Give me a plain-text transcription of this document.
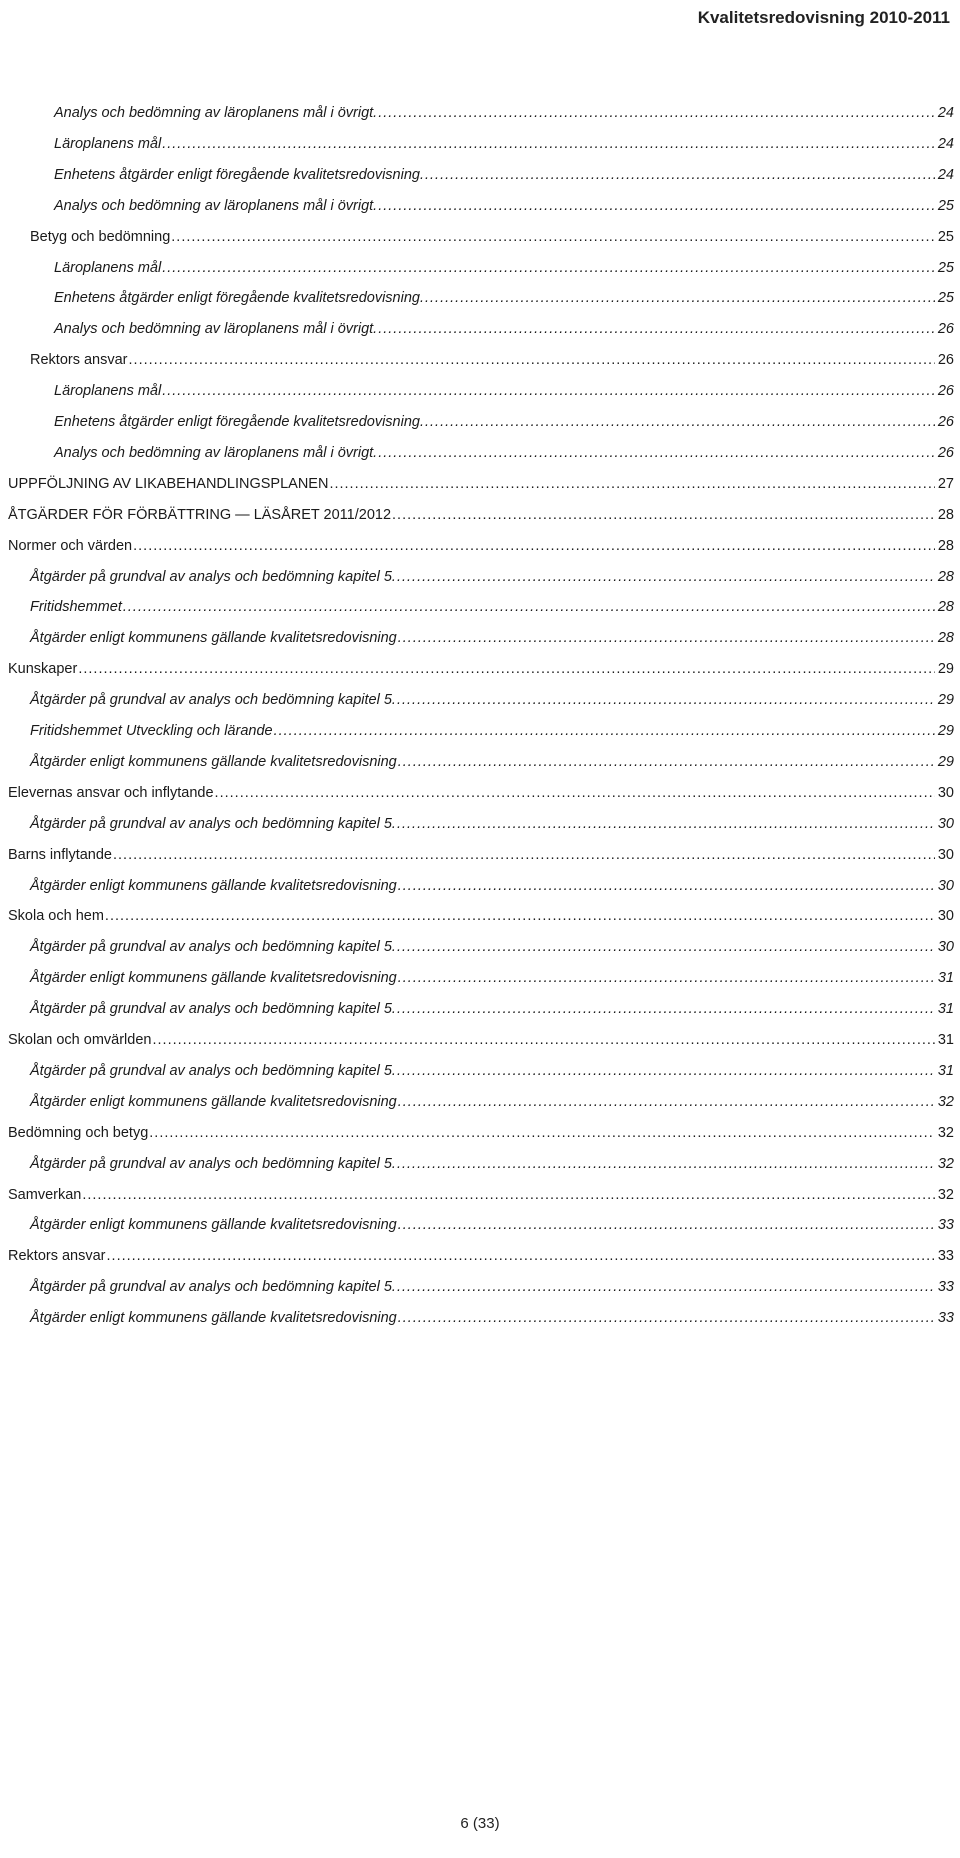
Kvalitetsredovisning 2010-2011
Analys och bedömning av läroplanens mål i övrigt. .....	24
Läroplanens mål .....	24
Enhetens åtgärder enligt föregående kvalitetsredovisning. .....	24
Analys och bedömning av läroplanens mål i övrigt. .....	25
Betyg och bedömning .....	25
Läroplanens mål .....	25
Enhetens åtgärder enligt föregående kvalitetsredovisning. .....	25
Analys och bedömning av läroplanens mål i övrigt. .....	26
Rektors ansvar .....	26
Läroplanens mål .....	26
Enhetens åtgärder enligt föregående kvalitetsredovisning. .....	26
Analys och bedömning av läroplanens mål i övrigt. .....	26
UPPFÖLJNING AV LIKABEHANDLINGSPLANEN .....	27
ÅTGÄRDER FÖR FÖRBÄTTRING — LÄSÅRET 2011/2012 .....	28
Normer och värden .....	28
Åtgärder på grundval av analys och bedömning kapitel 5. .....	28
Fritidshemmet .....	28
Åtgärder enligt kommunens gällande kvalitetsredovisning .....	28
Kunskaper .....	29
Åtgärder på grundval av analys och bedömning kapitel 5. .....	29
Fritidshemmet Utveckling och lärande .....	29
Åtgärder enligt kommunens gällande kvalitetsredovisning .....	29
Elevernas ansvar och inflytande .....	30
Åtgärder på grundval av analys och bedömning kapitel 5. .....	30
Barns inflytande .....	30
Åtgärder enligt kommunens gällande kvalitetsredovisning .....	30
Skola och hem .....	30
Åtgärder på grundval av analys och bedömning kapitel 5. .....	30
Åtgärder enligt kommunens gällande kvalitetsredovisning .....	31
Åtgärder på grundval av analys och bedömning kapitel 5. .....	31
Skolan och omvärlden .....	31
Åtgärder på grundval av analys och bedömning kapitel 5. .....	31
Åtgärder enligt kommunens gällande kvalitetsredovisning .....	32
Bedömning och betyg .....	32
Åtgärder på grundval av analys och bedömning kapitel 5. .....	32
Samverkan .....	32
Åtgärder enligt kommunens gällande kvalitetsredovisning .....	33
Rektors ansvar .....	33
Åtgärder på grundval av analys och bedömning kapitel 5. .....	33
Åtgärder enligt kommunens gällande kvalitetsredovisning .....	33
6 (33)
